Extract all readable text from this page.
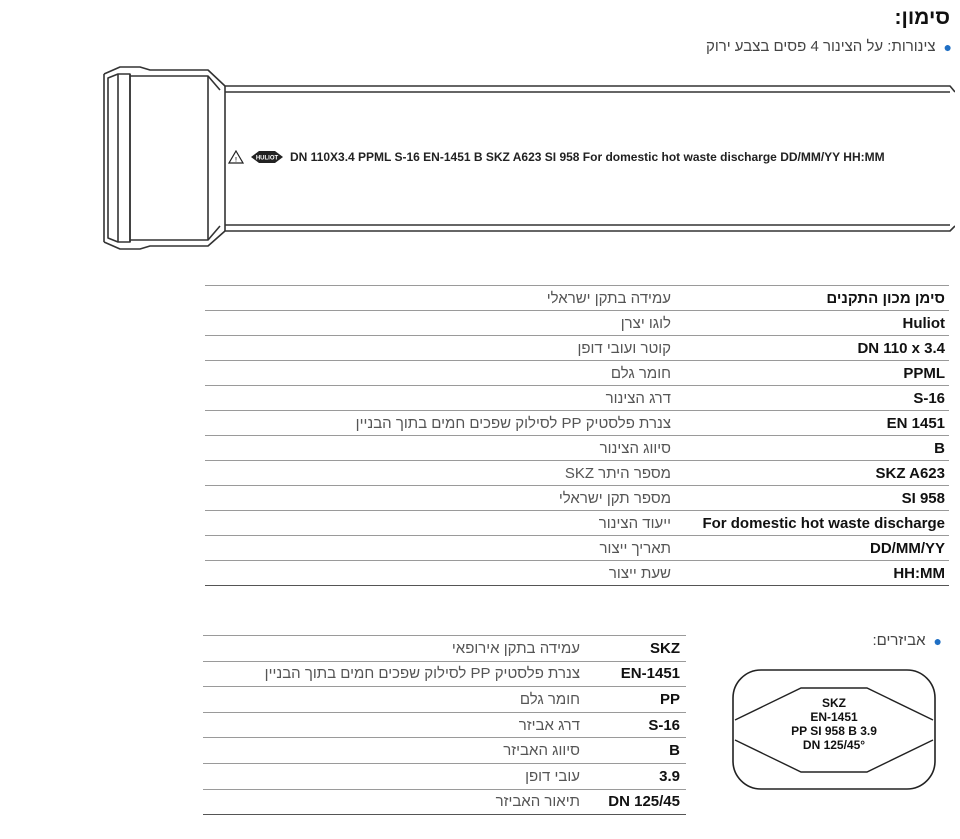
סימון:
●
צינורות: על הצינור 4 פסים בצבע ירוק
!	HULIOT DN 110X3.4 PPML S-16 EN-1451 B SKZ A623 SI 958 For domestic hot waste discharge DD/MM/YY HH:MM
סימן מכון התקנים	עמידה בתקן ישראלי
Huliot	לוגו יצרן
DN 110 x 3.4	קוטר ועובי דופן
PPML	חומר גלם
S-16	דרג הצינור
EN 1451	צנרת פלסטיק PP לסילוק שפכים חמים בתוך הבניין
B	סיווג הצינור
SKZ A623	מספר היתר SKZ
SI 958	מספר תקן ישראלי
For domestic hot waste discharge	ייעוד הצינור
DD/MM/YY	תאריך ייצור
HH:MM	שעת ייצור
●
אביזרים:
SKZ	עמידה בתקן אירופאי
EN-1451	צנרת פלסטיק PP לסילוק שפכים חמים בתוך הבניין
PP	חומר גלם
S-16	דרג אביזר
B	סיווג האביזר
3.9	עובי דופן
DN 125/45	תיאור האביזר
SKZ
EN-1451
PP SI 958 B 3.9
DN 125/45°
